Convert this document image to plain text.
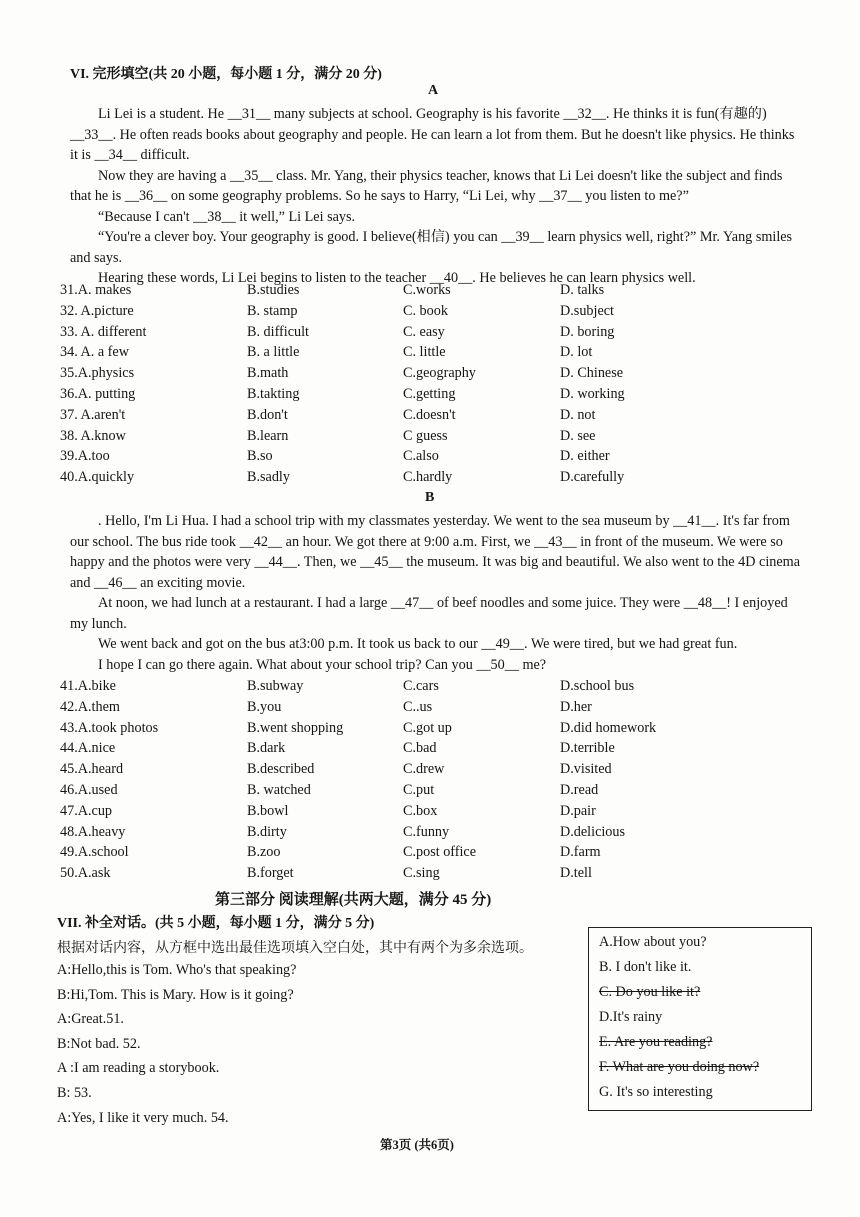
VI. 完形填空(共 20 小题，每小题 1 分，满分 20 分)
A

Li Lei is a student. He __31__ many subjects at school. Geography is his favorite __32__. He thinks it is fun(有趣的) __33__. He often reads books about geography and people. He can learn a lot from them. But he doesn't like physics. He thinks it is __34__ difficult.

Now they are having a __35__ class. Mr. Yang, their physics teacher, knows that Li Lei doesn't like the subject and finds that he is __36__ on some geography problems. So he says to Harry, “Li Lei, why __37__ you listen to me?”

“Because I can't __38__ it well,” Li Lei says.

“You're a clever boy. Your geography is good. I believe(相信) you can __39__ learn physics well, right?” Mr. Yang smiles and says.

Hearing these words, Li Lei begins to listen to the teacher __40__. He believes he can learn physics well.

31.A. makes	B.studies	C.works	D. talks
32. A.picture	B. stamp	C. book	D.subject
33. A. different	B. difficult	C. easy	D. boring
34. A. a few	B. a little	C. little	D. lot
35.A.physics	B.math	C.geography	D. Chinese
36.A. putting	B.takting	C.getting	D. working
37. A.aren't	B.don't	C.doesn't	D. not
38. A.know	B.learn	C guess	D. see
39.A.too	B.so	C.also	D. either
40.A.quickly	B.sadly	C.hardly	D.carefully
B

. Hello, I'm Li Hua. I had a school trip with my classmates yesterday. We went to the sea museum by __41__. It's far from our school. The bus ride took __42__ an hour. We got there at 9:00 a.m. First, we __43__ in front of the museum. We were so happy and the photos were very __44__. Then, we __45__ the museum. It was big and beautiful. We also went to the 4D cinema and __46__ an exciting movie.

At noon, we had lunch at a restaurant. I had a large __47__ of beef noodles and some juice. They were __48__! I enjoyed my lunch.

We went back and got on the bus at3:00 p.m. It took us back to our __49__. We were tired, but we had great fun.

I hope I can go there again. What about your school trip? Can you __50__ me?

41.A.bike	B.subway	C.cars	D.school bus
42.A.them	B.you	C..us	D.her
43.A.took photos	B.went shopping	C.got up	D.did homework
44.A.nice	B.dark	C.bad	D.terrible
45.A.heard	B.described	C.drew	D.visited
46.A.used	B. watched	C.put	D.read
47.A.cup	B.bowl	C.box	D.pair
48.A.heavy	B.dirty	C.funny	D.delicious
49.A.school	B.zoo	C.post office	D.farm
50.A.ask	B.forget	C.sing	D.tell
第三部分 阅读理解(共两大题，满分 45 分)
VII. 补全对话。(共 5 小题，每小题 1 分，满分 5 分)
根据对话内容，从方框中选出最佳选项填入空白处，其中有两个为多余选项。
A:Hello,this is Tom. Who's that speaking?
B:Hi,Tom. This is Mary. How is it going?
A:Great.51.
B:Not bad. 52.
A :I am reading a storybook.
B: 53.
A:Yes, I like it very much. 54.
A.How about you?
B. I don't like it.
C. Do you like it?
D.It's rainy
E. Are you reading?
F. What are you doing now?
G. It's so interesting
第3页 (共6页)
